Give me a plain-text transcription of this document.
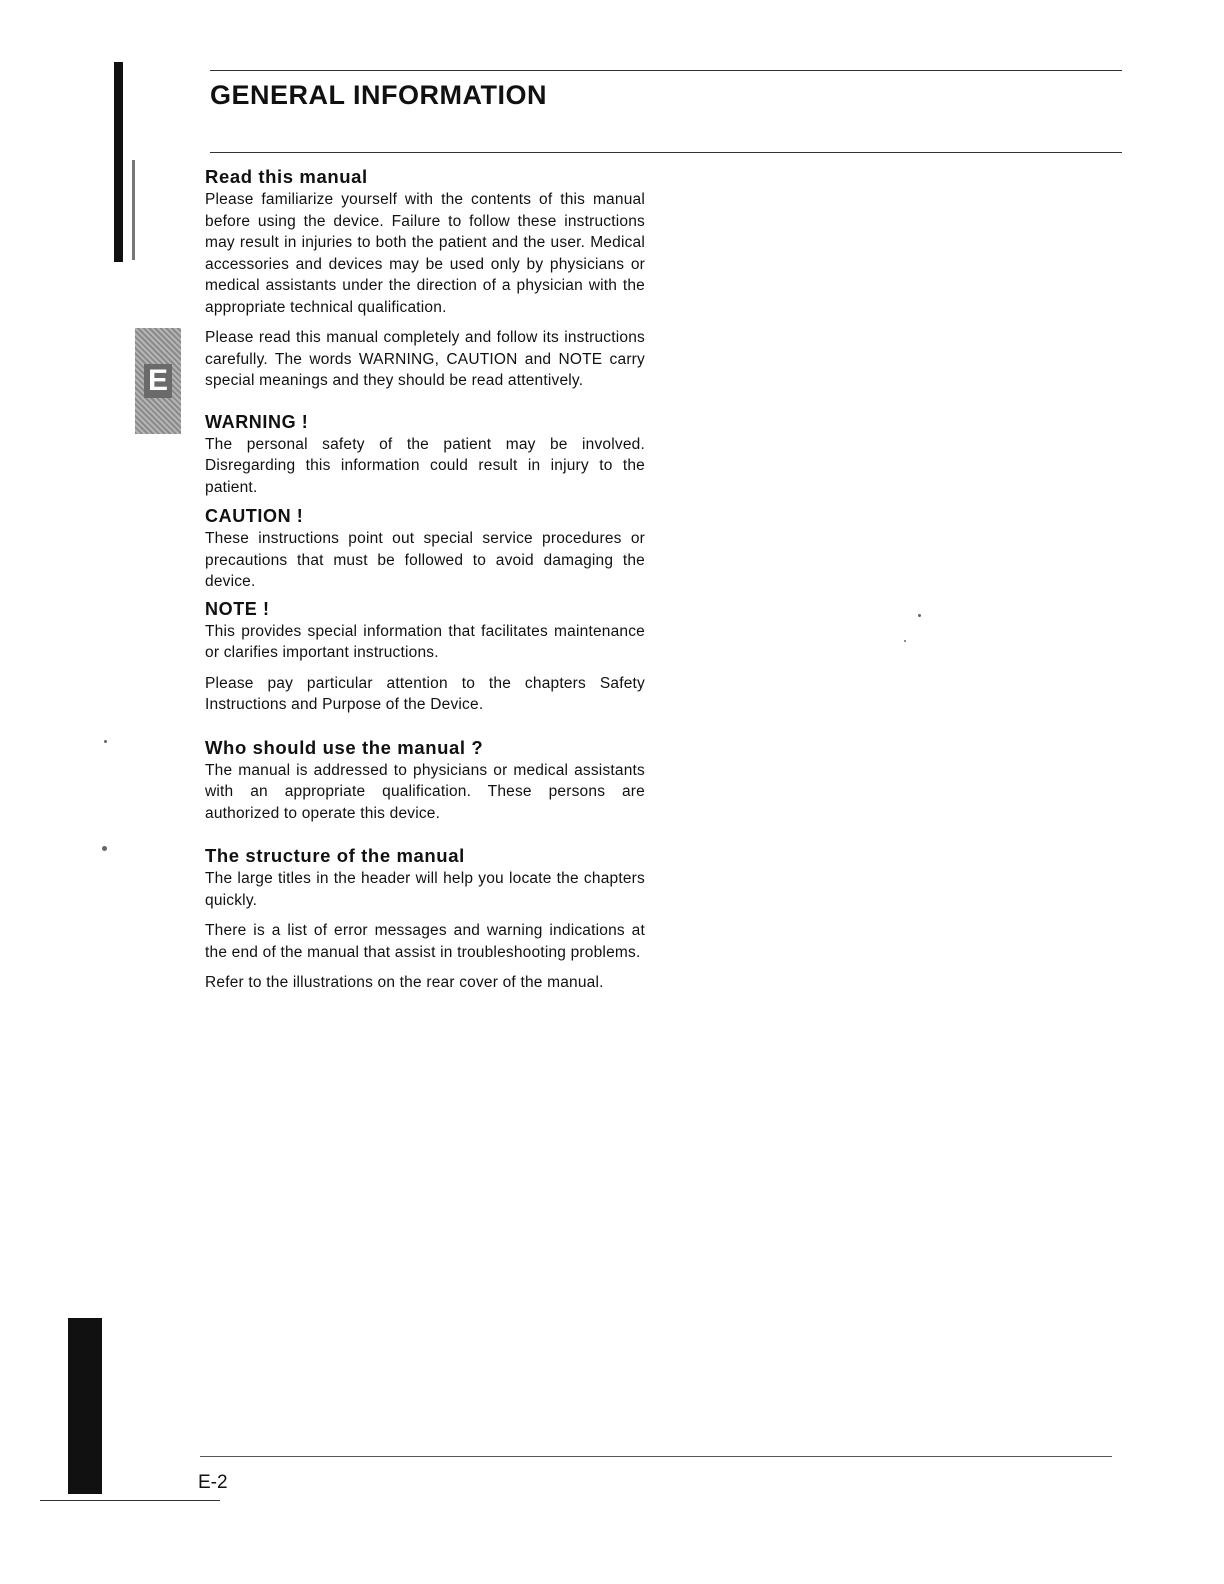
GENERAL INFORMATION
E
Read this manual

Please familiarize yourself with the contents of this manual before using the device. Failure to follow these instructions may result in injuries to both the patient and the user. Medical accessories and devices may be used only by physicians or medical assistants under the direction of a physician with the appropriate technical qualification.

Please read this manual completely and follow its instructions carefully. The words WARNING, CAUTION and NOTE carry special meanings and they should be read attentively.

WARNING !

The personal safety of the patient may be involved. Disregarding this information could result in injury to the patient.

CAUTION !

These instructions point out special service procedures or precautions that must be followed to avoid damaging the device.

NOTE !

This provides special information that facilitates maintenance or clarifies important instructions.

Please pay particular attention to the chapters Safety Instructions and Purpose of the Device.

Who should use the manual ?

The manual is addressed to physicians or medical assistants with an appropriate qualification. These persons are authorized to operate this device.

The structure of the manual

The large titles in the header will help you locate the chapters quickly.

There is a list of error messages and warning indications at the end of the manual that assist in troubleshooting problems.

Refer to the illustrations on the rear cover of the manual.

E-2
